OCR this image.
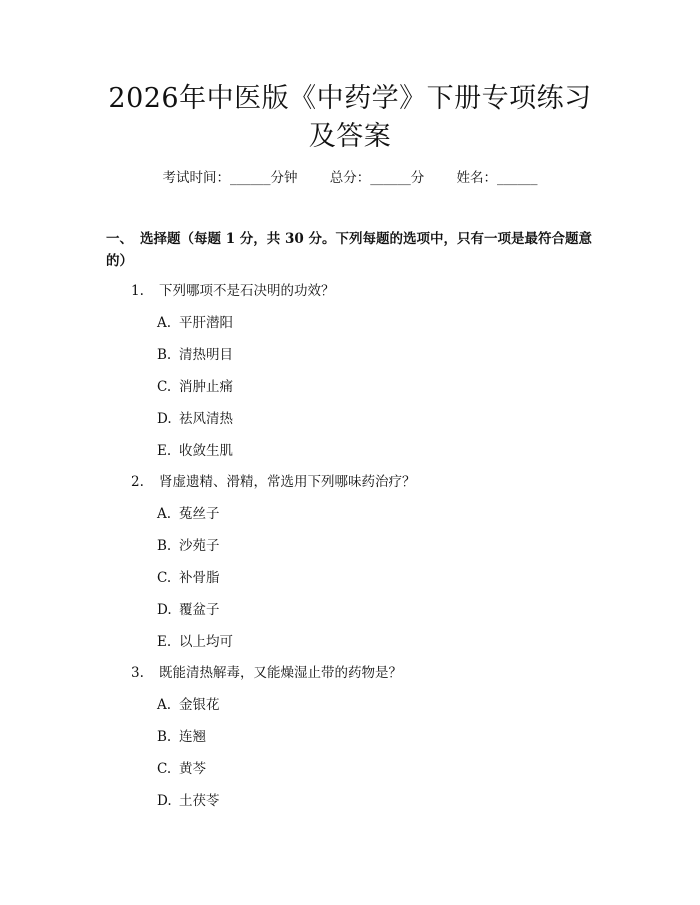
2026年中医版《中药学》下册专项练习及答案
考试时间：______分钟 总分：______分 姓名：______
一、 选择题（每题 1 分，共 30 分。下列每题的选项中，只有一项是最符合题意的）
1. 下列哪项不是石决明的功效？
A. 平肝潜阳
B. 清热明目
C. 消肿止痛
D. 祛风清热
E. 收敛生肌
2. 肾虚遗精、滑精，常选用下列哪味药治疗？
A. 菟丝子
B. 沙苑子
C. 补骨脂
D. 覆盆子
E. 以上均可
3. 既能清热解毒，又能燥湿止带的药物是？
A. 金银花
B. 连翘
C. 黄芩
D. 土茯苓
